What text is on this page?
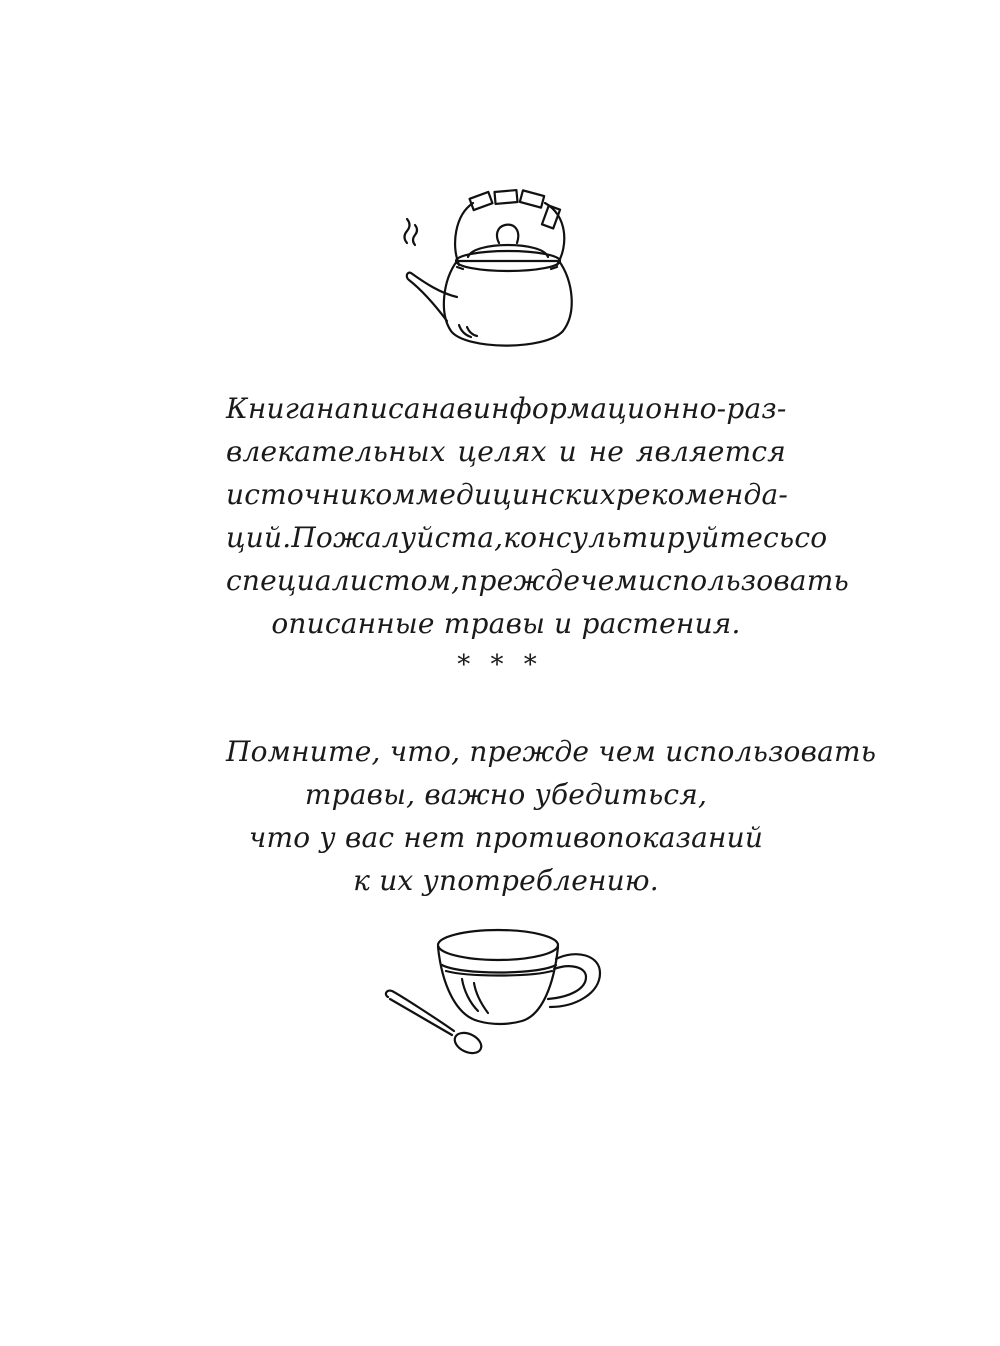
Книга написана в информационно-раз-
влекательных целях и не является
источником медицинских рекоменда-
ций. Пожалуйста, консультируйтесь со
специалистом, прежде чем использовать
описанные травы и растения.
* * *
Помните, что, прежде чем использовать
травы, важно убедиться,
что у вас нет противопоказаний
к их употреблению.
